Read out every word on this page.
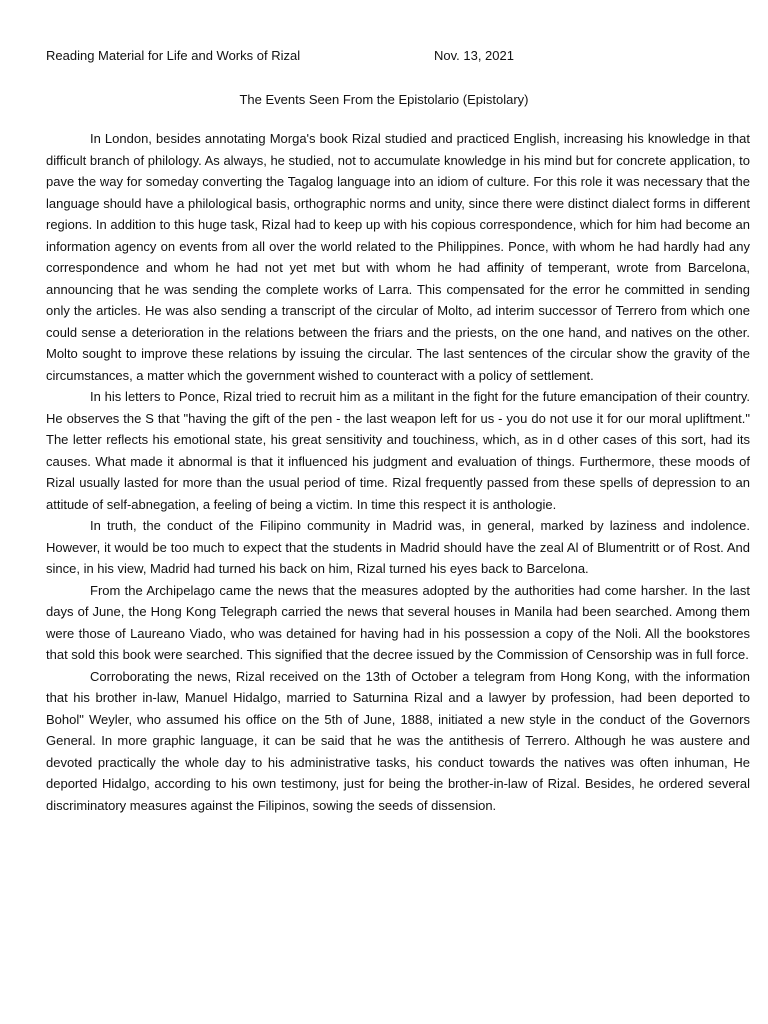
Reading Material for Life and Works of Rizal	Nov. 13, 2021
The Events Seen From the Epistolario (Epistolary)

In London, besides annotating Morga's book Rizal studied and practiced English, increasing his knowledge in that difficult branch of philology. As always, he studied, not to accumulate knowledge in his mind but for concrete application, to pave the way for someday converting the Tagalog language into an idiom of culture. For this role it was necessary that the language should have a philological basis, orthographic norms and unity, since there were distinct dialect forms in different regions. In addition to this huge task, Rizal had to keep up with his copious correspondence, which for him had become an information agency on events from all over the world related to the Philippines. Ponce, with whom he had hardly had any correspondence and whom he had not yet met but with whom he had affinity of temperant, wrote from Barcelona, announcing that he was sending the complete works of Larra. This compensated for the error he committed in sending only the articles. He was also sending a transcript of the circular of Molto, ad interim successor of Terrero from which one could sense a deterioration in the relations between the friars and the priests, on the one hand, and natives on the other. Molto sought to improve these relations by issuing the circular. The last sentences of the circular show the gravity of the circumstances, a matter which the government wished to counteract with a policy of settlement.

In his letters to Ponce, Rizal tried to recruit him as a militant in the fight for the future emancipation of their country. He observes the S that "having the gift of the pen - the last weapon left for us - you do not use it for our moral upliftment." The letter reflects his emotional state, his great sensitivity and touchiness, which, as in d other cases of this sort, had its causes. What made it abnormal is that it influenced his judgment and evaluation of things. Furthermore, these moods of Rizal usually lasted for more than the usual period of time. Rizal frequently passed from these spells of depression to an attitude of self-abnegation, a feeling of being a victim. In time this respect it is anthologie.

In truth, the conduct of the Filipino community in Madrid was, in general, marked by laziness and indolence. However, it would be too much to expect that the students in Madrid should have the zeal Al of Blumentritt or of Rost. And since, in his view, Madrid had turned his back on him, Rizal turned his eyes back to Barcelona.

From the Archipelago came the news that the measures adopted by the authorities had come harsher. In the last days of June, the Hong Kong Telegraph carried the news that several houses in Manila had been searched. Among them were those of Laureano Viado, who was detained for having had in his possession a copy of the Noli. All the bookstores that sold this book were searched. This signified that the decree issued by the Commission of Censorship was in full force.

Corroborating the news, Rizal received on the 13th of October a telegram from Hong Kong, with the information that his brother in-law, Manuel Hidalgo, married to Saturnina Rizal and a lawyer by profession, had been deported to Bohol" Weyler, who assumed his office on the 5th of June, 1888, initiated a new style in the conduct of the Governors General. In more graphic language, it can be said that he was the antithesis of Terrero. Although he was austere and devoted practically the whole day to his administrative tasks, his conduct towards the natives was often inhuman, He deported Hidalgo, according to his own testimony, just for being the brother-in-law of Rizal. Besides, he ordered several discriminatory measures against the Filipinos, sowing the seeds of dissension.
